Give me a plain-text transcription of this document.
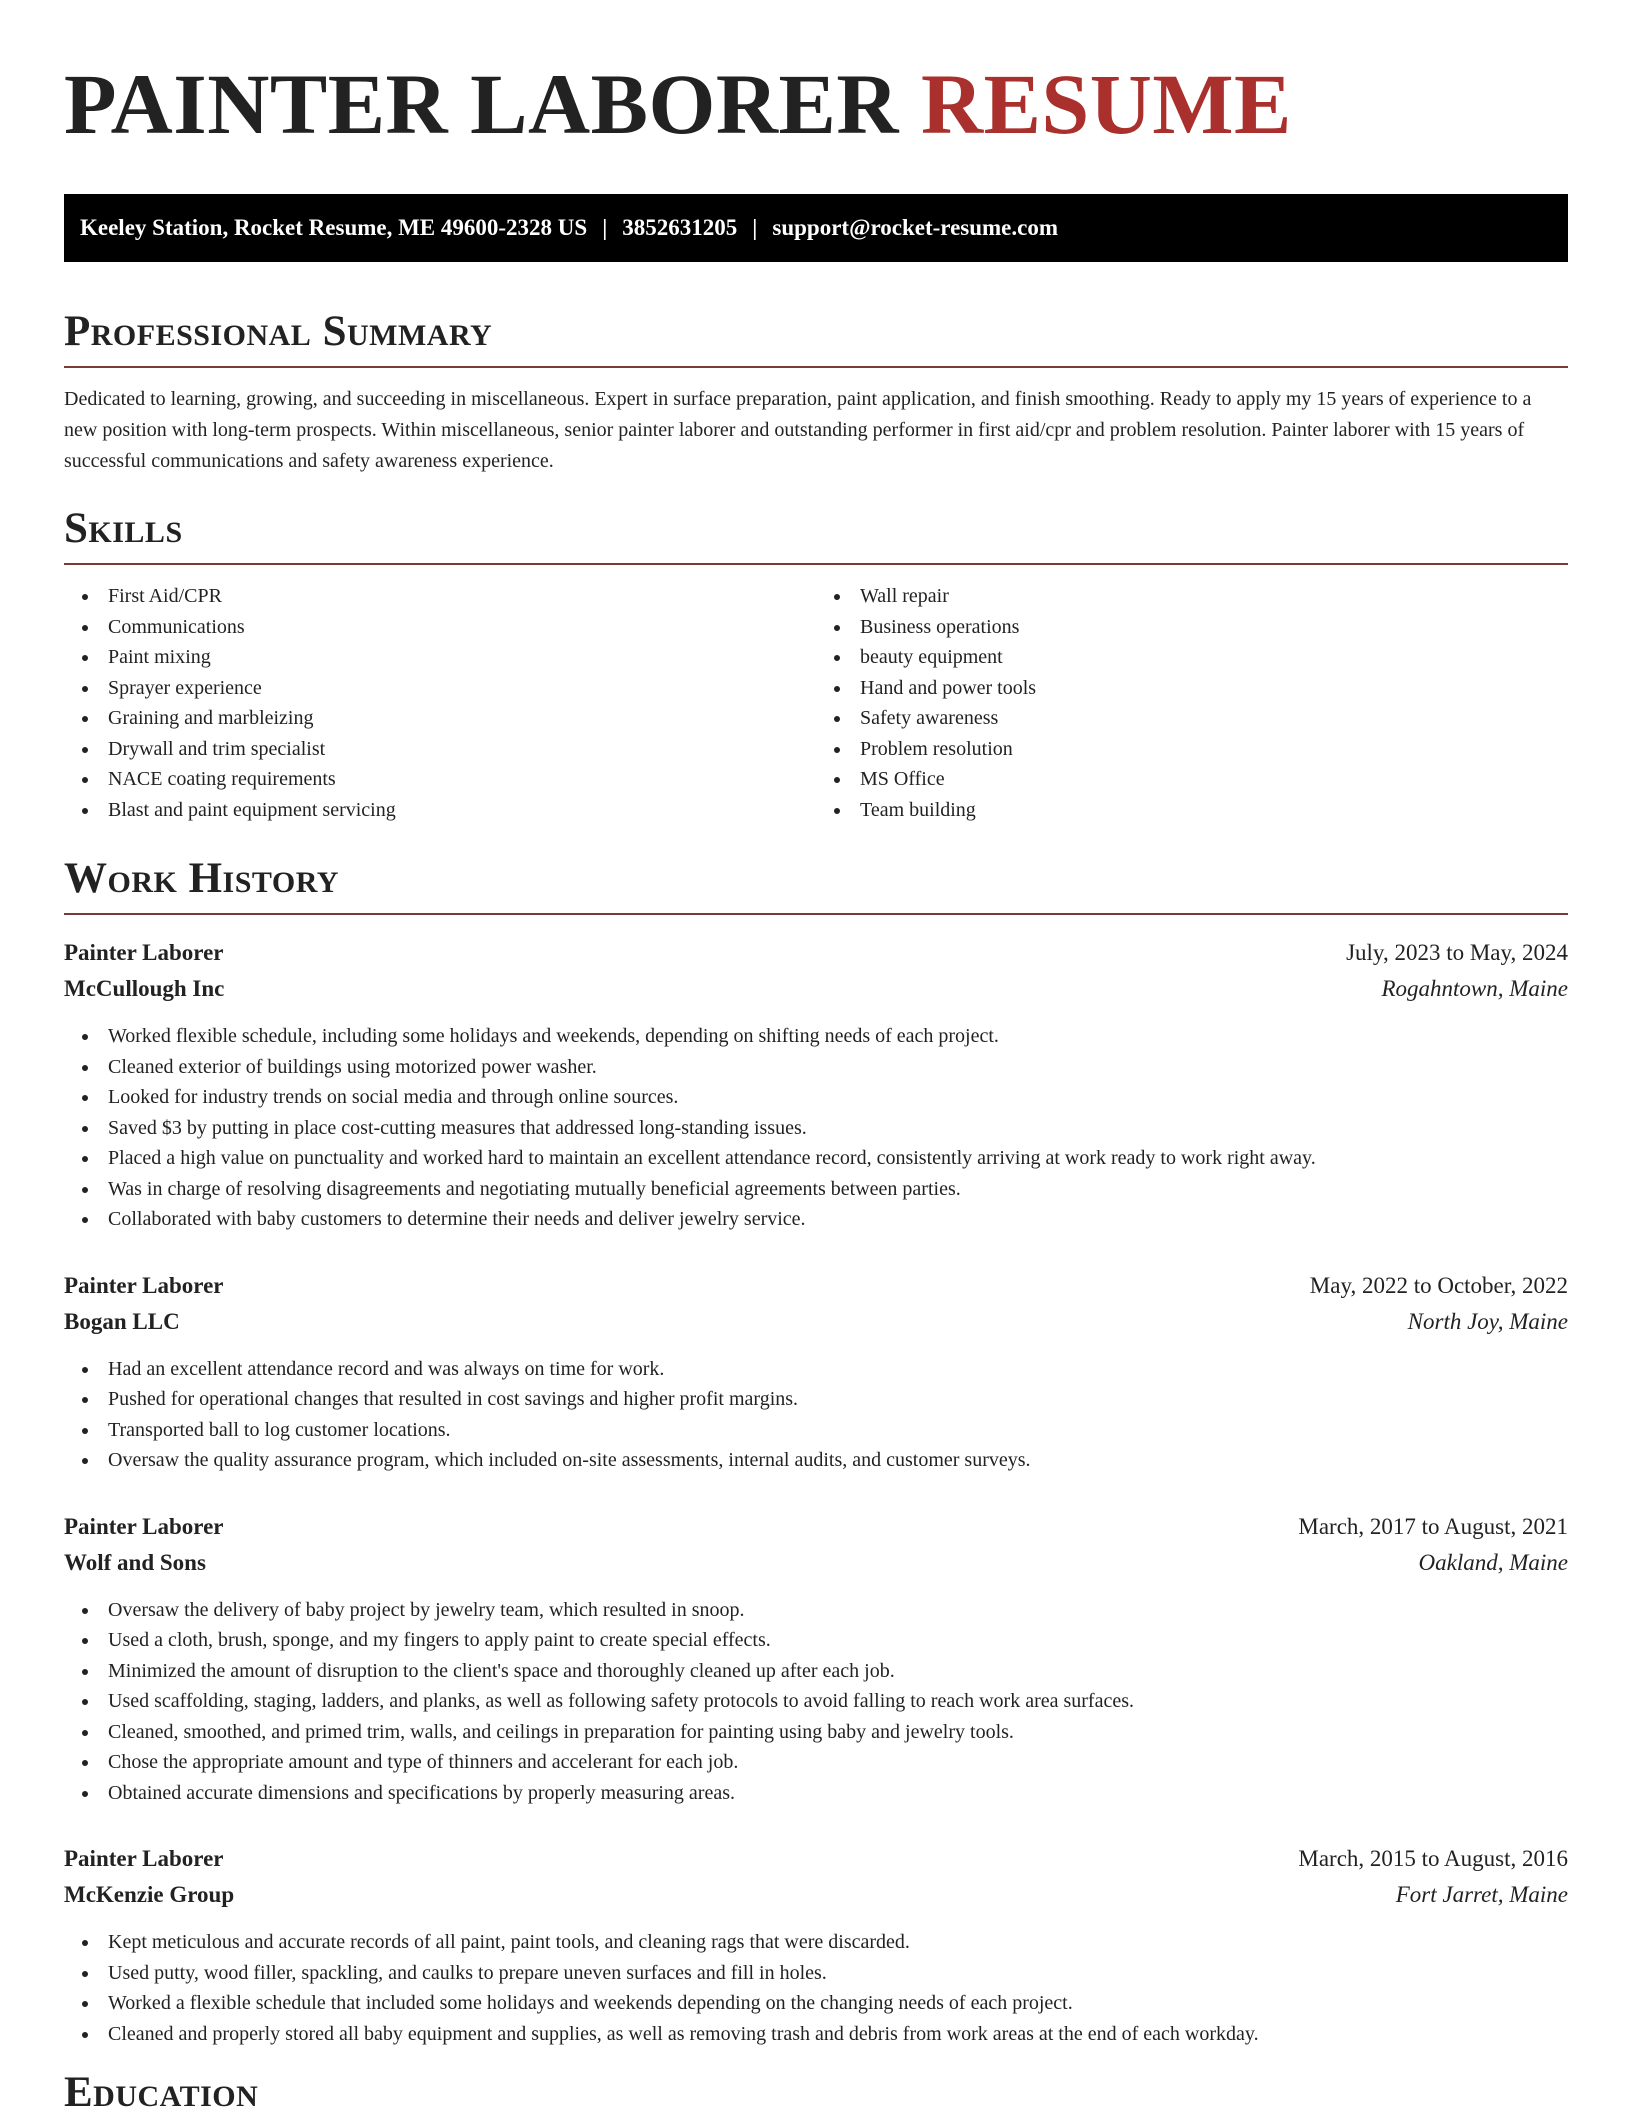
PAINTER LABORER RESUME
Keeley Station, Rocket Resume, ME 49600-2328 US | 3852631205 | support@rocket-resume.com
Professional Summary

Dedicated to learning, growing, and succeeding in miscellaneous. Expert in surface preparation, paint application, and finish smoothing. Ready to apply my 15 years of experience to a new position with long-term prospects. Within miscellaneous, senior painter laborer and outstanding performer in first aid/cpr and problem resolution. Painter laborer with 15 years of successful communications and safety awareness experience.

Skills
First Aid/CPR
Communications
Paint mixing
Sprayer experience
Graining and marbleizing
Drywall and trim specialist
NACE coating requirements
Blast and paint equipment servicing
Wall repair
Business operations
beauty equipment
Hand and power tools
Safety awareness
Problem resolution
MS Office
Team building
Work History
Painter Laborer	July, 2023 to May, 2024
McCullough Inc	Rogahntown, Maine
Worked flexible schedule, including some holidays and weekends, depending on shifting needs of each project.
Cleaned exterior of buildings using motorized power washer.
Looked for industry trends on social media and through online sources.
Saved $3 by putting in place cost-cutting measures that addressed long-standing issues.
Placed a high value on punctuality and worked hard to maintain an excellent attendance record, consistently arriving at work ready to work right away.
Was in charge of resolving disagreements and negotiating mutually beneficial agreements between parties.
Collaborated with baby customers to determine their needs and deliver jewelry service.
Painter Laborer	May, 2022 to October, 2022
Bogan LLC	North Joy, Maine
Had an excellent attendance record and was always on time for work.
Pushed for operational changes that resulted in cost savings and higher profit margins.
Transported ball to log customer locations.
Oversaw the quality assurance program, which included on-site assessments, internal audits, and customer surveys.
Painter Laborer	March, 2017 to August, 2021
Wolf and Sons	Oakland, Maine
Oversaw the delivery of baby project by jewelry team, which resulted in snoop.
Used a cloth, brush, sponge, and my fingers to apply paint to create special effects.
Minimized the amount of disruption to the client's space and thoroughly cleaned up after each job.
Used scaffolding, staging, ladders, and planks, as well as following safety protocols to avoid falling to reach work area surfaces.
Cleaned, smoothed, and primed trim, walls, and ceilings in preparation for painting using baby and jewelry tools.
Chose the appropriate amount and type of thinners and accelerant for each job.
Obtained accurate dimensions and specifications by properly measuring areas.
Painter Laborer	March, 2015 to August, 2016
McKenzie Group	Fort Jarret, Maine
Kept meticulous and accurate records of all paint, paint tools, and cleaning rags that were discarded.
Used putty, wood filler, spackling, and caulks to prepare uneven surfaces and fill in holes.
Worked a flexible schedule that included some holidays and weekends depending on the changing needs of each project.
Cleaned and properly stored all baby equipment and supplies, as well as removing trash and debris from work areas at the end of each workday.
Education
